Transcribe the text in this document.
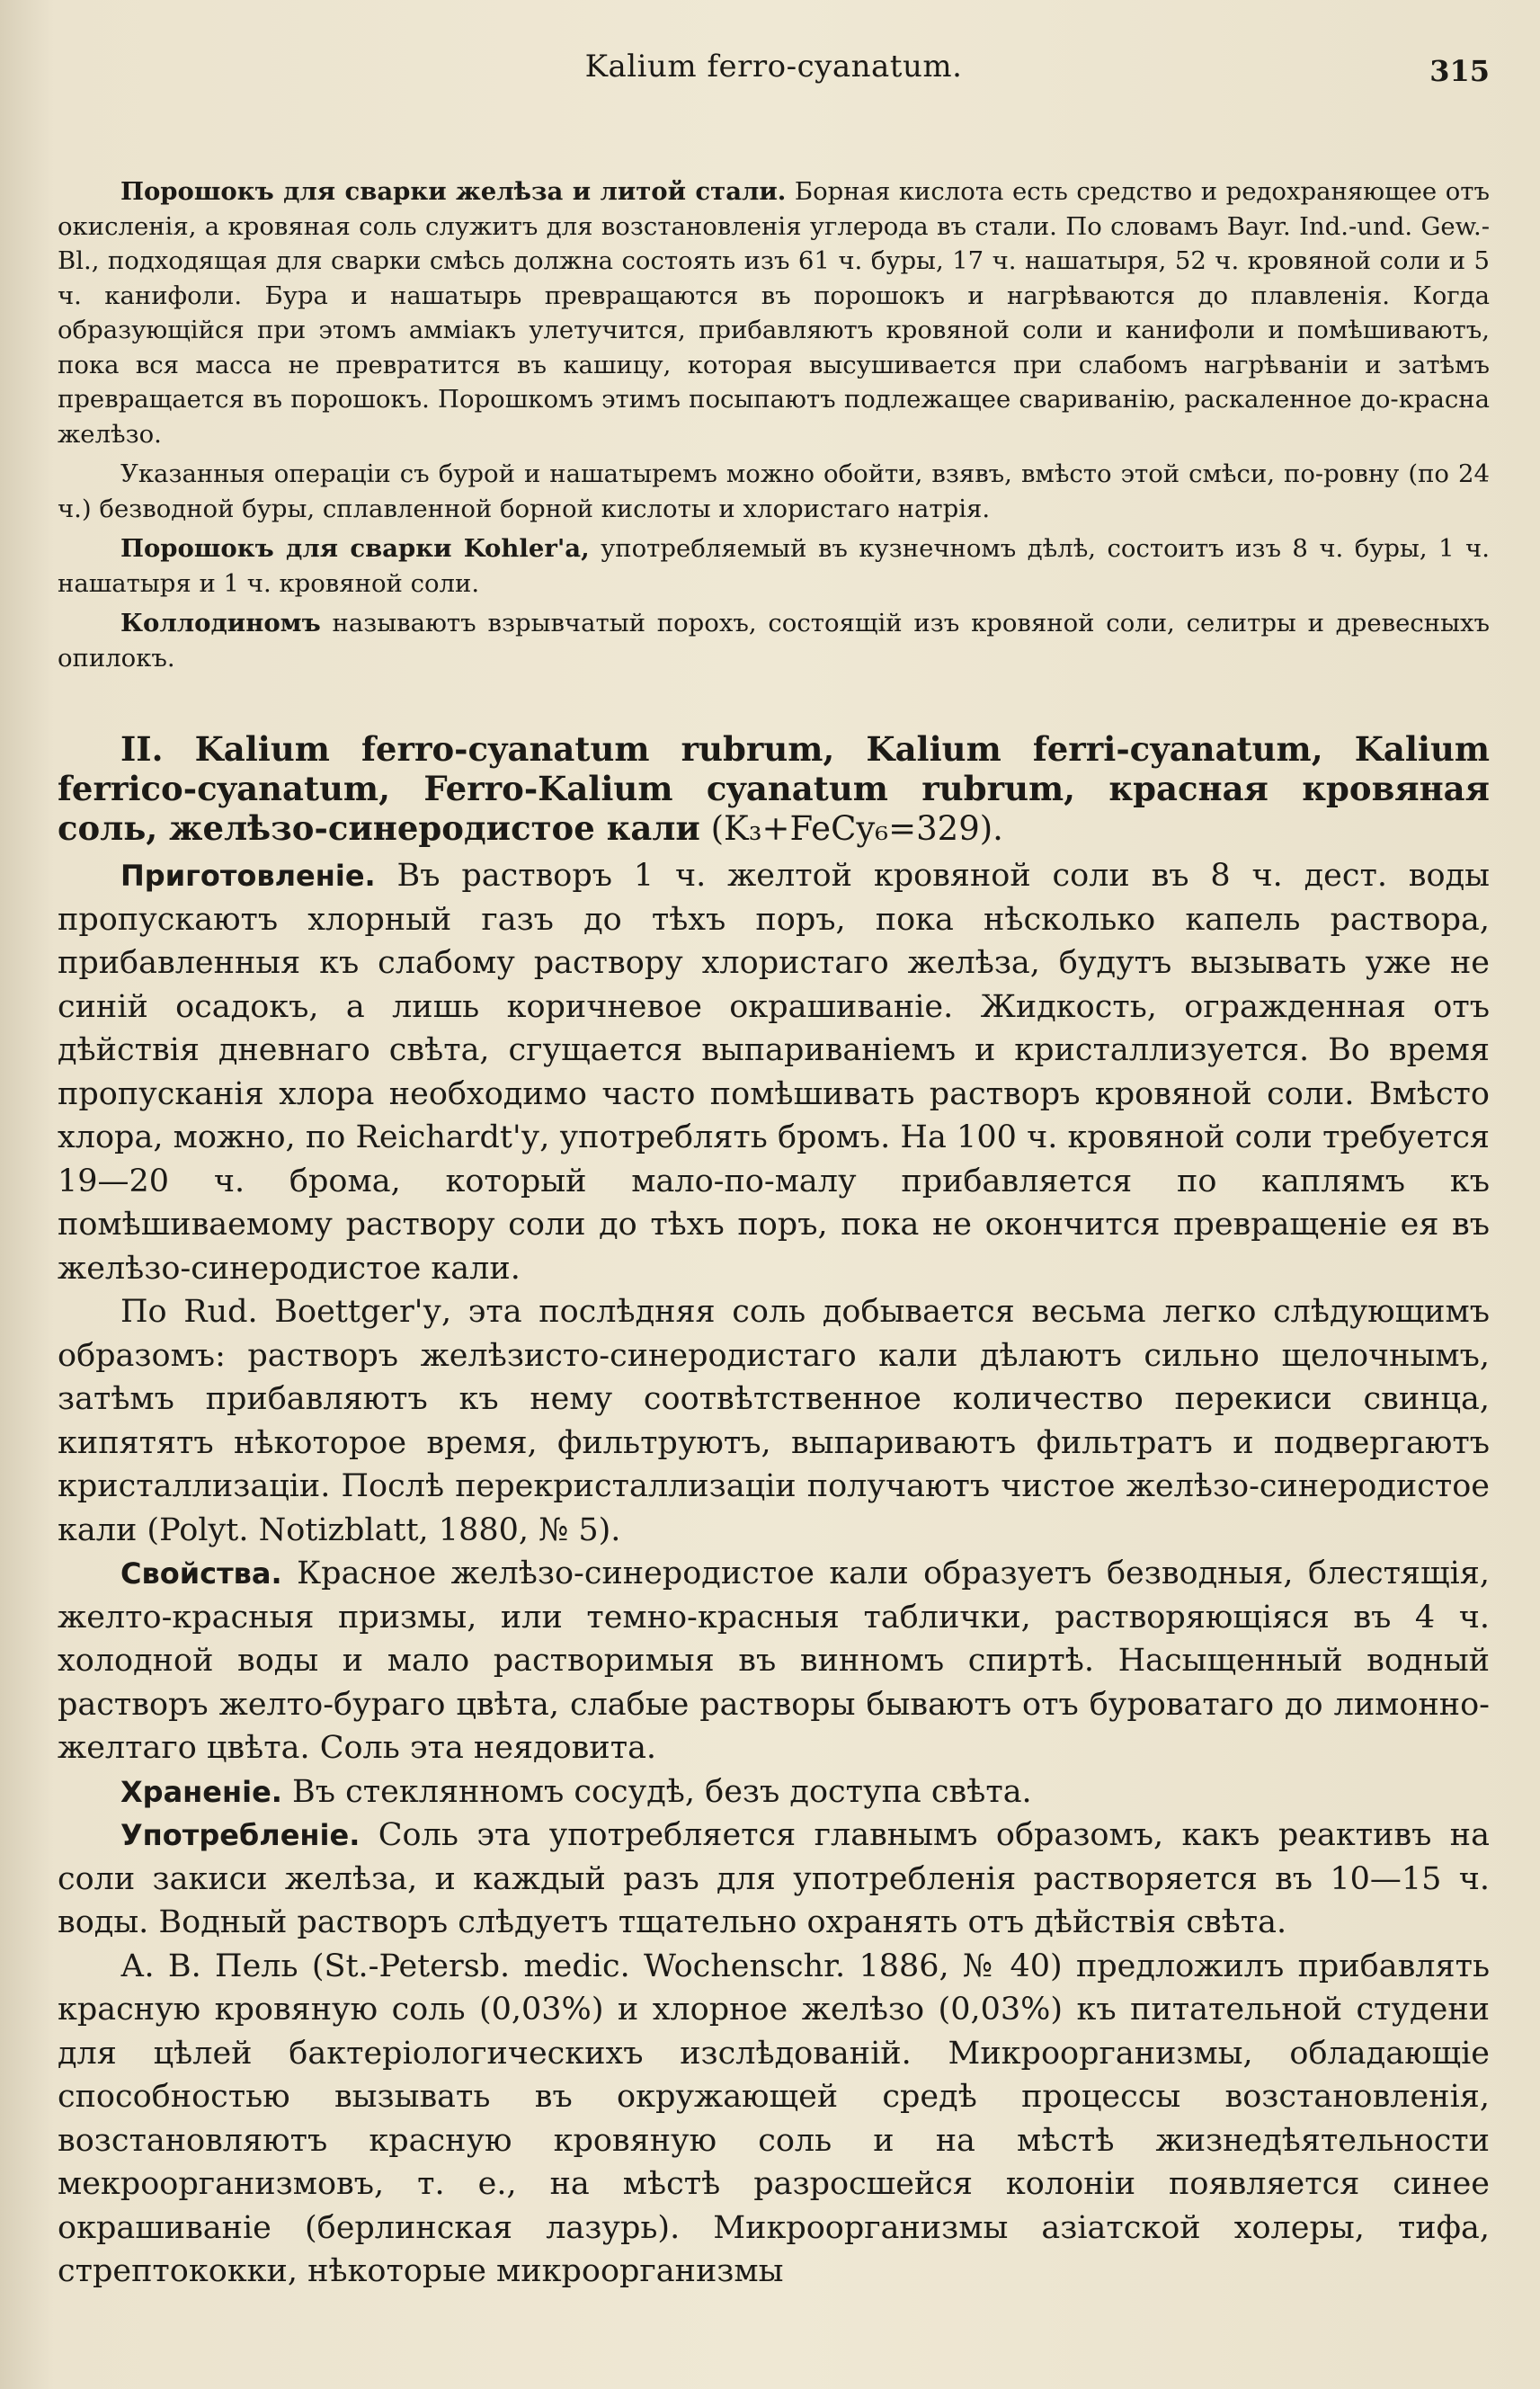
Kalium ferro-cyanatum.	315

Порошокъ для сварки желѣза и литой стали. Борная кислота есть средство и редохраняющее отъ окисленія, а кровяная соль служитъ для возстановленія углерода въ стали. По словамъ Bayr. Ind.-und. Gew.-Bl., подходящая для сварки смѣсь должна состоять изъ 61 ч. буры, 17 ч. нашатыря, 52 ч. кровяной соли и 5 ч. канифоли. Бура и нашатырь превращаются въ порошокъ и нагрѣваются до плавленія. Когда образующійся при этомъ амміакъ улетучится, прибавляютъ кровяной соли и канифоли и помѣшиваютъ, пока вся масса не превратится въ кашицу, которая высушивается при слабомъ нагрѣваніи и затѣмъ превращается въ порошокъ. Порошкомъ этимъ посыпаютъ подлежащее свариванію, раскаленное до-красна желѣзо.

Указанныя операціи съ бурой и нашатыремъ можно обойти, взявъ, вмѣсто этой смѣси, по-ровну (по 24 ч.) безводной буры, сплавленной борной кислоты и хлористаго натрія.

Порошокъ для сварки Kohler'а, употребляемый въ кузнечномъ дѣлѣ, состоитъ изъ 8 ч. буры, 1 ч. нашатыря и 1 ч. кровяной соли.

Коллодиномъ называютъ взрывчатый порохъ, состоящій изъ кровяной соли, селитры и древесныхъ опилокъ.

II. Kalium ferro-cyanatum rubrum, Kalium ferri-cyanatum, Kalium ferrico-cyanatum, Ferro-Kalium cyanatum rubrum, красная кровяная соль, желѣзо-синеродистое кали (K₃+FeCy₆=329).

Приготовленіе. Въ растворъ 1 ч. желтой кровяной соли въ 8 ч. дест. воды пропускаютъ хлорный газъ до тѣхъ поръ, пока нѣсколько капель раствора, прибавленныя къ слабому раствору хлористаго желѣза, будутъ вызывать уже не синій осадокъ, а лишь коричневое окрашиваніе. Жидкость, огражденная отъ дѣйствія дневнаго свѣта, сгущается выпариваніемъ и кристаллизуется. Во время пропусканія хлора необходимо часто помѣшивать растворъ кровяной соли. Вмѣсто хлора, можно, по Reichardt'у, употреблять бромъ. На 100 ч. кровяной соли требуется 19—20 ч. брома, который мало-по-малу прибавляется по каплямъ къ помѣшиваемому раствору соли до тѣхъ поръ, пока не окончится превращеніе ея въ желѣзо-синеродистое кали.

По Rud. Boettger'у, эта послѣдняя соль добывается весьма легко слѣдующимъ образомъ: растворъ желѣзисто-синеродистаго кали дѣлаютъ сильно щелочнымъ, затѣмъ прибавляютъ къ нему соотвѣтственное количество перекиси свинца, кипятятъ нѣкоторое время, фильтруютъ, выпариваютъ фильтратъ и подвергаютъ кристаллизаціи. Послѣ перекристаллизаціи получаютъ чистое желѣзо-синеродистое кали (Polyt. Notizblatt, 1880, № 5).

Свойства. Красное желѣзо-синеродистое кали образуетъ безводныя, блестящія, желто-красныя призмы, или темно-красныя таблички, растворяющіяся въ 4 ч. холодной воды и мало растворимыя въ винномъ спиртѣ. Насыщенный водный растворъ желто-бураго цвѣта, слабые растворы бываютъ отъ буроватаго до лимонно-желтаго цвѣта. Соль эта неядовита.

Храненіе. Въ стеклянномъ сосудѣ, безъ доступа свѣта.

Употребленіе. Соль эта употребляется главнымъ образомъ, какъ реактивъ на соли закиси желѣза, и каждый разъ для употребленія растворяется въ 10—15 ч. воды. Водный растворъ слѣдуетъ тщательно охранять отъ дѣйствія свѣта.

А. В. Пель (St.-Petersb. medic. Wochenschr. 1886, № 40) предложилъ прибавлять красную кровяную соль (0,03%) и хлорное желѣзо (0,03%) къ питательной студени для цѣлей бактеріологическихъ изслѣдованій. Микроорганизмы, обладающіе способностью вызывать въ окружающей средѣ процессы возстановленія, возстановляютъ красную кровяную соль и на мѣстѣ жизнедѣятельности мекроорганизмовъ, т. е., на мѣстѣ разросшейся колоніи появляется синее окрашиваніе (берлинская лазурь). Микроорганизмы азіатской холеры, тифа, стрептококки, нѣкоторые микроорганизмы
